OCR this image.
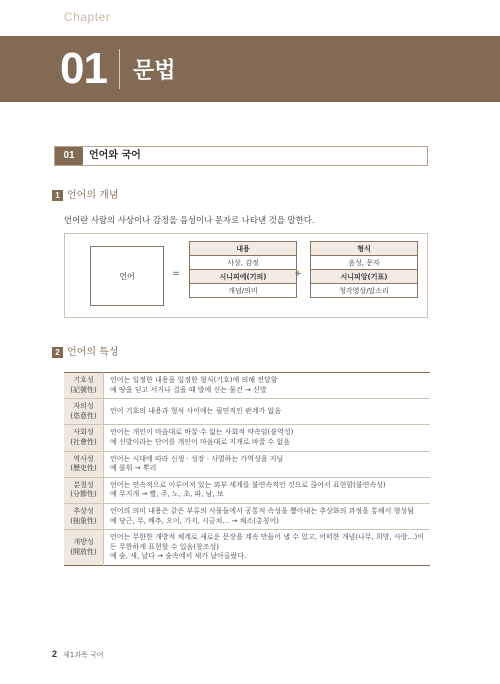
Chapter
01 문법
01	언어와 국어
1 언어의 개념
언어란 사람의 사상이나 감정을 음성이나 문자로 나타낸 것을 말한다.
언어	=
내용
사상, 감정
시니피에(기의)
개념/의미
+
형식
음성, 문자
시니피앙(기표)
청각영상/말소리
2 언어의 특성
기호성
(記號性)	언어는 일정한 내용을 일정한 형식(기호)에 의해 전달함
예 땅을 딛고 서거나 걸을 때 발에 신는 물건 → 신발

자의성
(恣意性)	언어 기호의 내용과 형식 사이에는 필연적인 관계가 없음

사회성
(社會性)	언어는 개인이 마음대로 바꿀 수 없는 사회적 약속임(불역성)
예 신발이라는 단어를 개인이 마음대로 지게로 바꿀 수 없음

역사성
(歷史性)	언어는 시대에 따라 신생 · 성장 · 사멸하는 가역성을 지님
예 불휘 → 뿌리

분절성
(分節性)	언어는 연속적으로 이루어져 있는 외부 세계를 불연속적인 것으로 끊어서 표현함(불연속성)
예 무지개 → 빨, 주, 노, 초, 파, 남, 보

추상성
(抽象性)	언어의 의미 내용은 같은 부류의 사물들에서 공통적 속성을 뽑아내는 추상화의 과정을 통해서 형성됨
예 당근, 무, 배추, 오이, 가지, 시금치… → 채소(총칭어)

개방성
(開放性)	언어는 무한한 개방적 체계로 새로운 문장을 계속 만들어 낼 수 있고, 어떠한 개념(나무, 희망, 사랑…)이
든 무한하게 표현할 수 있음(창조성)
예 숲, 새, 날다 → 숲속에서 새가 날아올랐다.
2 제1과목 국어
